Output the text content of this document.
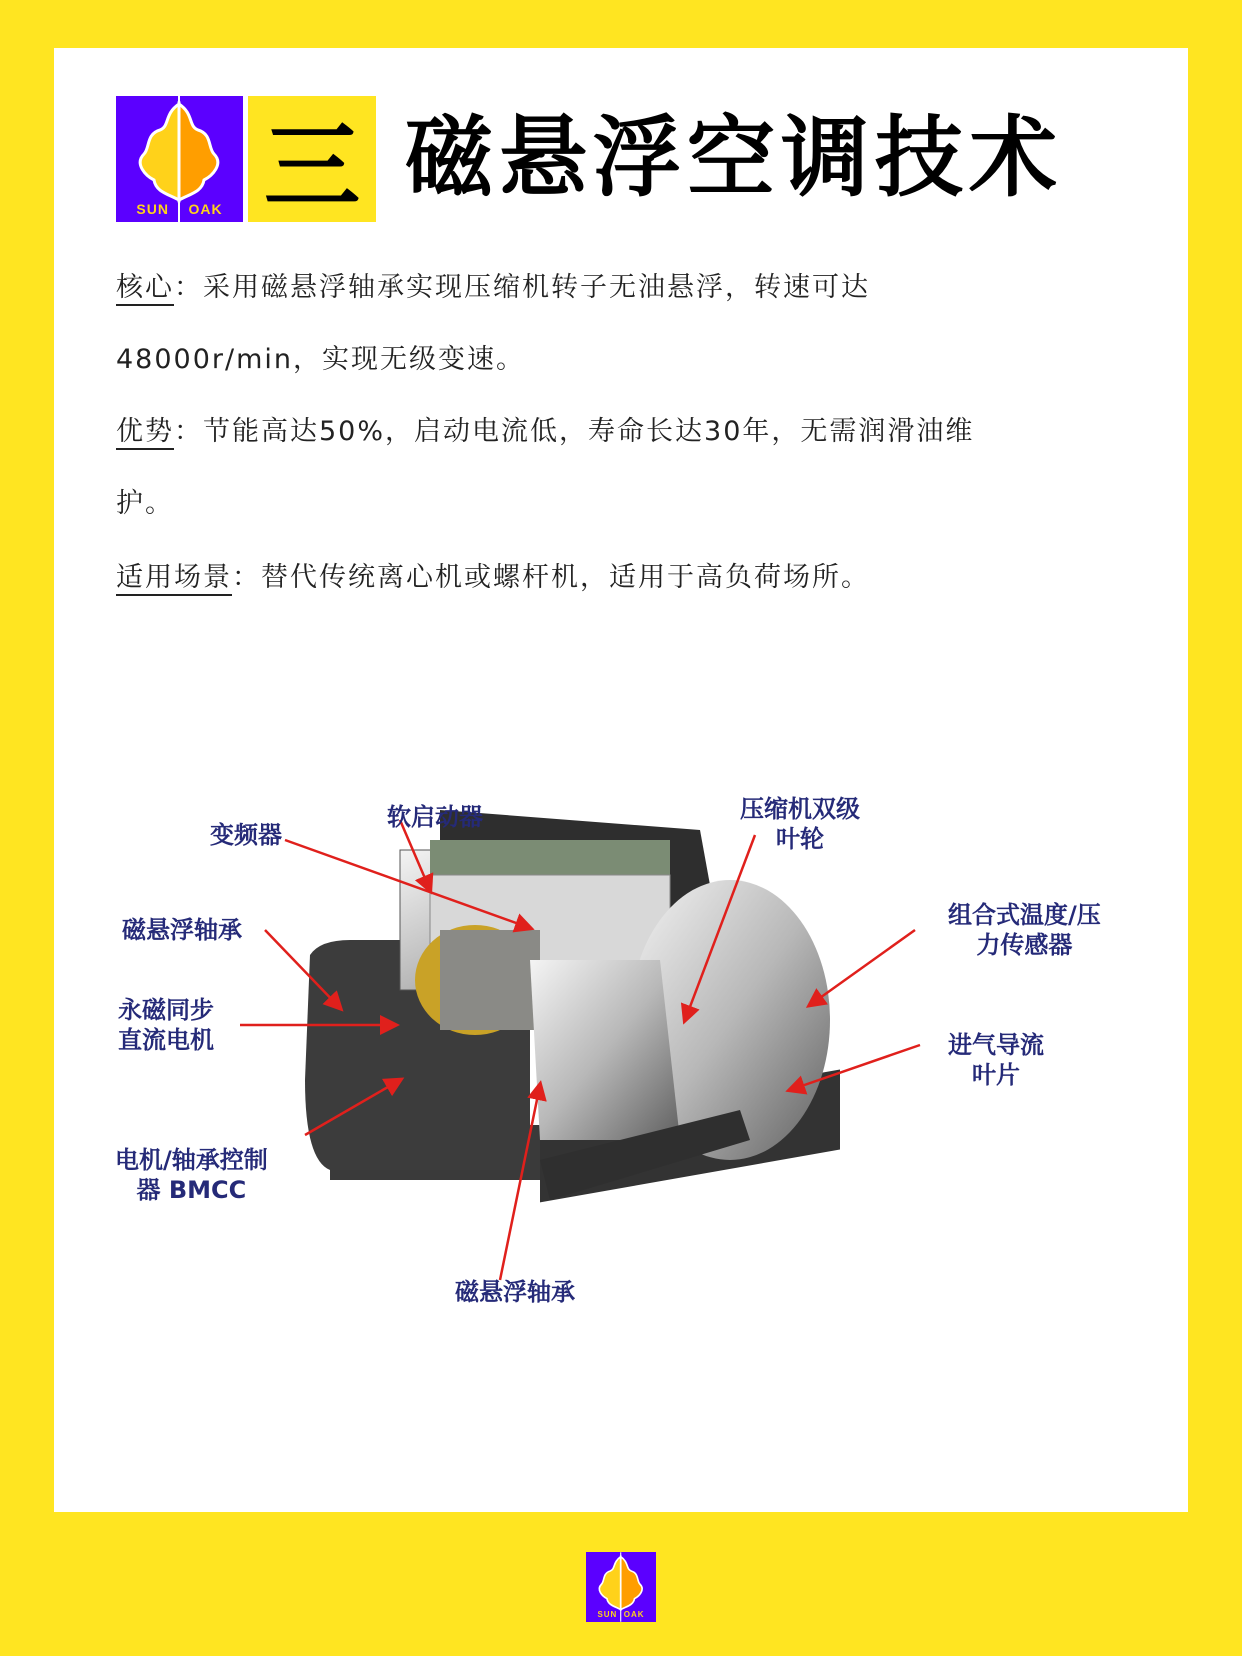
SUN OAK 三 磁悬浮空调技术
核心：采用磁悬浮轴承实现压缩机转子无油悬浮，转速可达
48000r/min，实现无级变速。
优势：节能高达50%，启动电流低，寿命长达30年，无需润滑油维
护。
适用场景：替代传统离心机或螺杆机，适用于高负荷场所。
变频器
软启动器	压缩机双级
叶轮
磁悬浮轴承
永磁同步
直流电机
组合式温度/压
力传感器
进气导流
叶片
电机/轴承控制
器 BMCC
磁悬浮轴承
SUN OAK
